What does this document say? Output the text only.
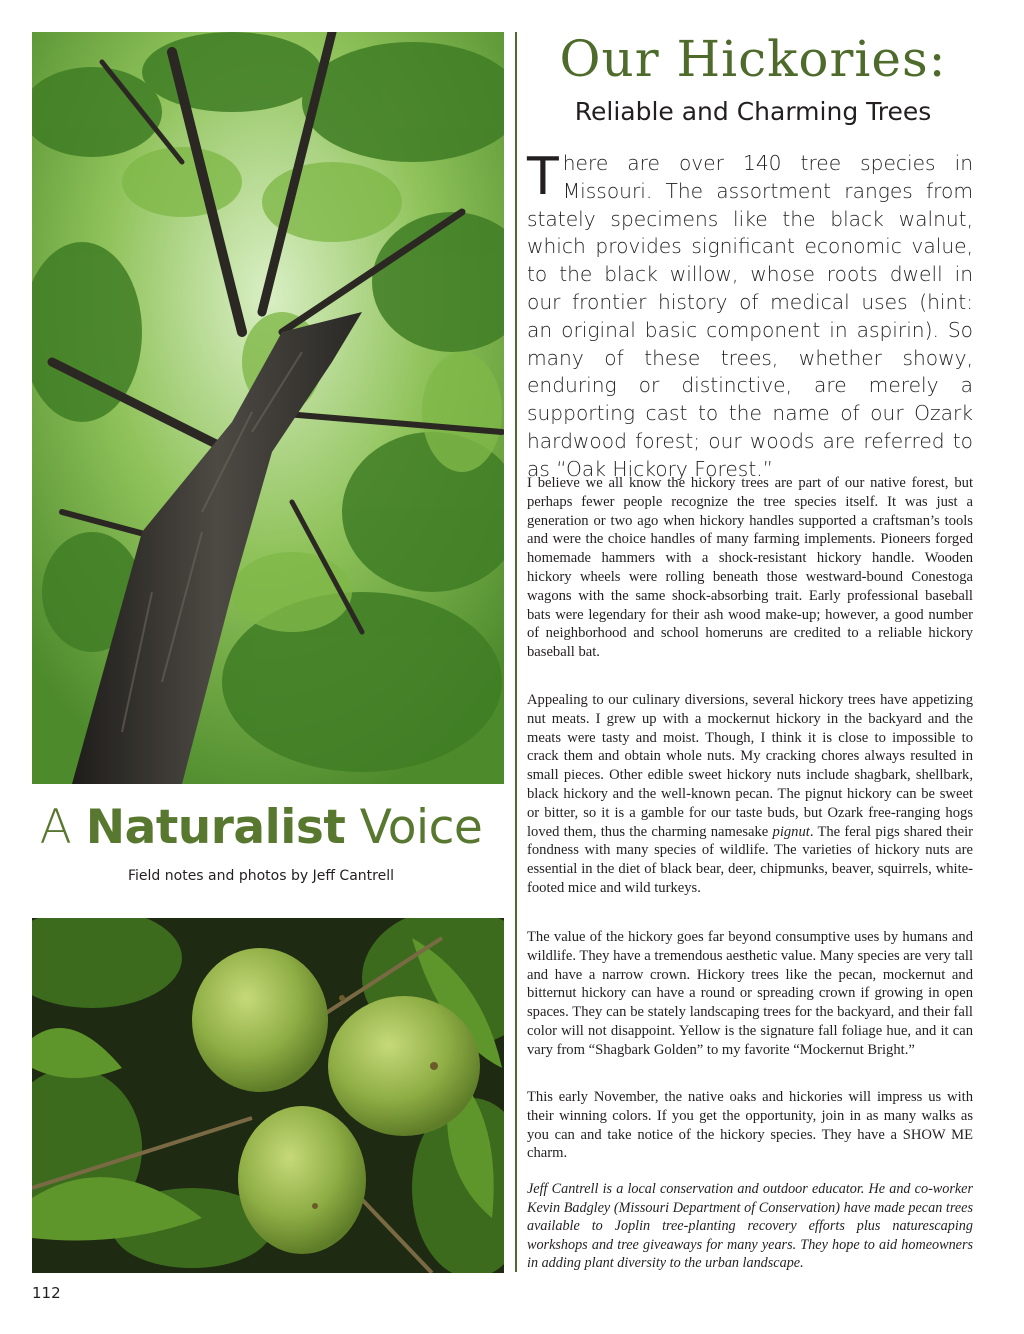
A Naturalist Voice
Field notes and photos by Jeff Cantrell
Our Hickories:
Reliable and Charming Trees
There are over 140 tree species in Missouri. The assortment ranges from stately specimens like the black walnut, which provides significant economic value, to the black willow, whose roots dwell in our frontier history of medical uses (hint: an original basic component in aspirin). So many of these trees, whether showy, enduring or distinctive, are merely a supporting cast to the name of our Ozark hardwood forest; our woods are referred to as “Oak Hickory Forest.”

I believe we all know the hickory trees are part of our native forest, but perhaps fewer people recognize the tree species itself. It was just a generation or two ago when hickory handles supported a craftsman’s tools and were the choice handles of many farming implements. Pioneers forged homemade hammers with a shock-resistant hickory handle. Wooden hickory wheels were rolling beneath those westward-bound Conestoga wagons with the same shock-absorbing trait. Early professional baseball bats were legendary for their ash wood make-up; however, a good number of neighborhood and school homeruns are credited to a reliable hickory baseball bat.

Appealing to our culinary diversions, several hickory trees have appetizing nut meats. I grew up with a mockernut hickory in the backyard and the meats were tasty and moist. Though, I think it is close to impossible to crack them and obtain whole nuts. My cracking chores always resulted in small pieces. Other edible sweet hickory nuts include shagbark, shellbark, black hickory and the well-known pecan. The pignut hickory can be sweet or bitter, so it is a gamble for our taste buds, but Ozark free-ranging hogs loved them, thus the charming namesake pignut. The feral pigs shared their fondness with many species of wildlife. The varieties of hickory nuts are essential in the diet of black bear, deer, chipmunks, beaver, squirrels, white-footed mice and wild turkeys.

The value of the hickory goes far beyond consumptive uses by humans and wildlife. They have a tremendous aesthetic value. Many species are very tall and have a narrow crown. Hickory trees like the pecan, mockernut and bitternut hickory can have a round or spreading crown if growing in open spaces. They can be stately landscaping trees for the backyard, and their fall color will not disappoint. Yellow is the signature fall foliage hue, and it can vary from “Shagbark Golden” to my favorite “Mockernut Bright.”

This early November, the native oaks and hickories will impress us with their winning colors. If you get the opportunity, join in as many walks as you can and take notice of the hickory species. They have a SHOW ME charm.

Jeff Cantrell is a local conservation and outdoor educator. He and co-worker Kevin Badgley (Missouri Department of Conservation) have made pecan trees available to Joplin tree-planting recovery efforts plus naturescaping workshops and tree giveaways for many years. They hope to aid homeowners in adding plant diversity to the urban landscape.

112
